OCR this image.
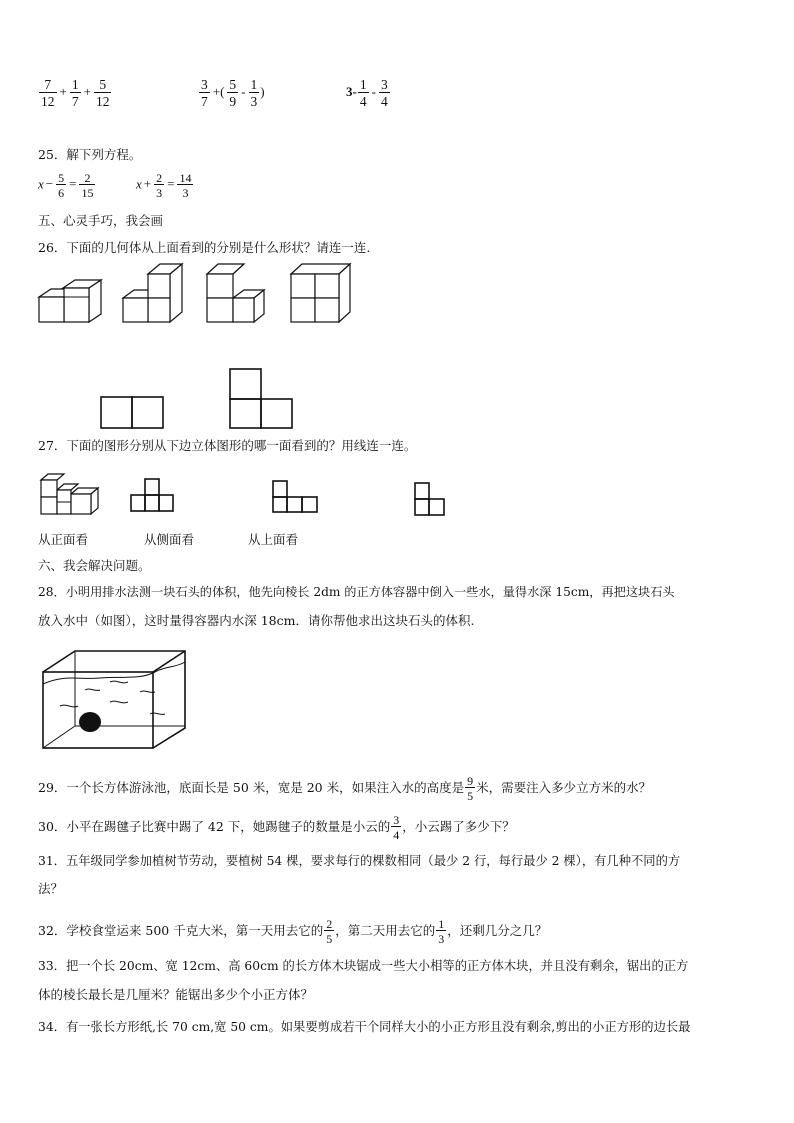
$\frac{7}{12} + \frac{1}{7} + \frac{5}{12}$	$\frac{3}{7}$ +( $\frac{5}{9} - \frac{1}{3}$ )	$3- \frac{1}{4} - \frac{3}{4}$
25．解下列方程。
$x - \frac{5}{6} = \frac{2}{15}$	$x + \frac{2}{3} = \frac{14}{3}$
五、心灵手巧，我会画
26．下面的几何体从上面看到的分别是什么形状？请连一连.
27．下面的图形分别从下边立体图形的哪一面看到的？用线连一连。
从正面看	从侧面看	从上面看
六、我会解决问题。
28．小明用排水法测一块石头的体积，他先向棱长 2dm 的正方体容器中倒入一些水，量得水深 15cm，再把这块石头
放入水中（如图），这时量得容器内水深 18cm．请你帮他求出这块石头的体积.
29．一个长方体游泳池，底面长是 50 米，宽是 20 米，如果注入水的高度是 $\frac{9}{5}$ 米，需要注入多少立方米的水？
30．小平在踢毽子比赛中踢了 42 下，她踢毽子的数量是小云的 $\frac{3}{4}$ ，小云踢了多少下？
31．五年级同学参加植树节劳动，要植树 54 棵，要求每行的棵数相同（最少 2 行，每行最少 2 棵），有几种不同的方
法？
32．学校食堂运来 500 千克大米，第一天用去它的 $\frac{2}{5}$ ，第二天用去它的 $\frac{1}{3}$ ，还剩几分之几？
33．把一个长 20cm、宽 12cm、高 60cm 的长方体木块锯成一些大小相等的正方体木块，并且没有剩余，锯出的正方
体的棱长最长是几厘米？能锯出多少个小正方体？
34．有一张长方形纸,长 70 cm,宽 50 cm。如果要剪成若干个同样大小的小正方形且没有剩余,剪出的小正方形的边长最
